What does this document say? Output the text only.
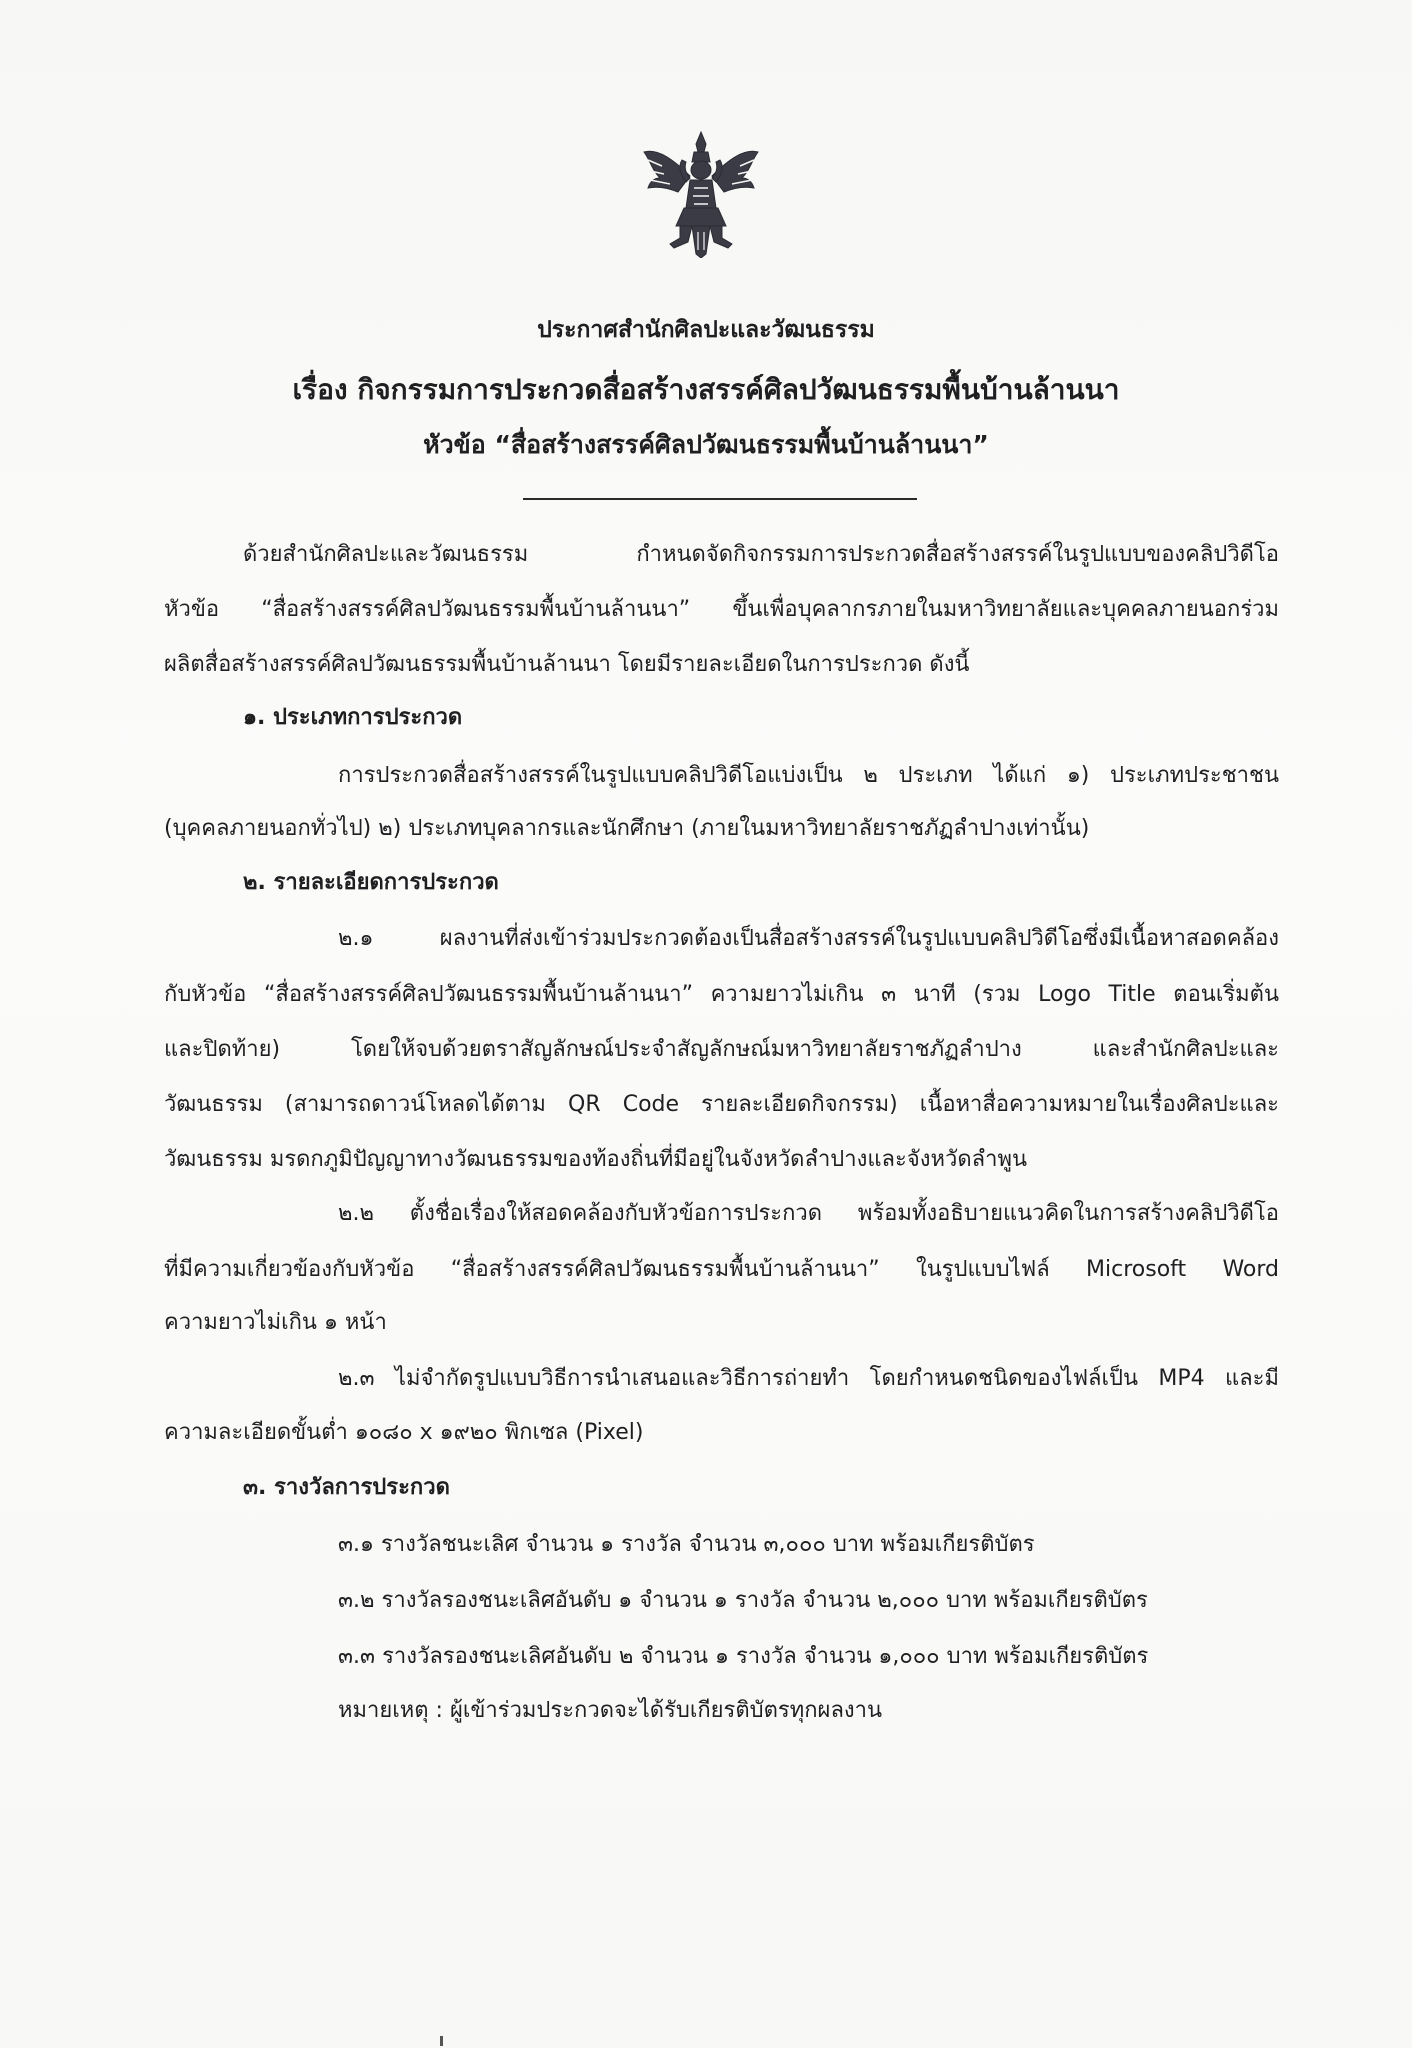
ประกาศสำนักศิลปะและวัฒนธรรม
เรื่อง กิจกรรมการประกวดสื่อสร้างสรรค์ศิลปวัฒนธรรมพื้นบ้านล้านนา
หัวข้อ “สื่อสร้างสรรค์ศิลปวัฒนธรรมพื้นบ้านล้านนา”
ด้วยสำนักศิลปะและวัฒนธรรม กำหนดจัดกิจกรรมการประกวดสื่อสร้างสรรค์ในรูปแบบของคลิปวิดีโอ
หัวข้อ “สื่อสร้างสรรค์ศิลปวัฒนธรรมพื้นบ้านล้านนา” ขึ้นเพื่อบุคลากรภายในมหาวิทยาลัยและบุคคลภายนอกร่วม
ผลิตสื่อสร้างสรรค์ศิลปวัฒนธรรมพื้นบ้านล้านนา โดยมีรายละเอียดในการประกวด ดังนี้
๑. ประเภทการประกวด
การประกวดสื่อสร้างสรรค์ในรูปแบบคลิปวิดีโอแบ่งเป็น ๒ ประเภท ได้แก่ ๑) ประเภทประชาชน
(บุคคลภายนอกทั่วไป) ๒) ประเภทบุคลากรและนักศึกษา (ภายในมหาวิทยาลัยราชภัฏลำปางเท่านั้น)
๒. รายละเอียดการประกวด
๒.๑ ผลงานที่ส่งเข้าร่วมประกวดต้องเป็นสื่อสร้างสรรค์ในรูปแบบคลิปวิดีโอซึ่งมีเนื้อหาสอดคล้อง
กับหัวข้อ “สื่อสร้างสรรค์ศิลปวัฒนธรรมพื้นบ้านล้านนา” ความยาวไม่เกิน ๓ นาที (รวม Logo Title ตอนเริ่มต้น
และปิดท้าย) โดยให้จบด้วยตราสัญลักษณ์ประจำสัญลักษณ์มหาวิทยาลัยราชภัฏลำปาง และสำนักศิลปะและ
วัฒนธรรม (สามารถดาวน์โหลดได้ตาม QR Code รายละเอียดกิจกรรม) เนื้อหาสื่อความหมายในเรื่องศิลปะและ
วัฒนธรรม มรดกภูมิปัญญาทางวัฒนธรรมของท้องถิ่นที่มีอยู่ในจังหวัดลำปางและจังหวัดลำพูน
๒.๒ ตั้งชื่อเรื่องให้สอดคล้องกับหัวข้อการประกวด พร้อมทั้งอธิบายแนวคิดในการสร้างคลิปวิดีโอ
ที่มีความเกี่ยวข้องกับหัวข้อ “สื่อสร้างสรรค์ศิลปวัฒนธรรมพื้นบ้านล้านนา” ในรูปแบบไฟล์ Microsoft Word
ความยาวไม่เกิน ๑ หน้า
๒.๓ ไม่จำกัดรูปแบบวิธีการนำเสนอและวิธีการถ่ายทำ โดยกำหนดชนิดของไฟล์เป็น MP4 และมี
ความละเอียดขั้นต่ำ ๑๐๘๐ x ๑๙๒๐ พิกเซล (Pixel)
๓. รางวัลการประกวด
๓.๑ รางวัลชนะเลิศ จำนวน ๑ รางวัล จำนวน ๓,๐๐๐ บาท พร้อมเกียรติบัตร
๓.๒ รางวัลรองชนะเลิศอันดับ ๑ จำนวน ๑ รางวัล จำนวน ๒,๐๐๐ บาท พร้อมเกียรติบัตร
๓.๓ รางวัลรองชนะเลิศอันดับ ๒ จำนวน ๑ รางวัล จำนวน ๑,๐๐๐ บาท พร้อมเกียรติบัตร
หมายเหตุ : ผู้เข้าร่วมประกวดจะได้รับเกียรติบัตรทุกผลงาน
